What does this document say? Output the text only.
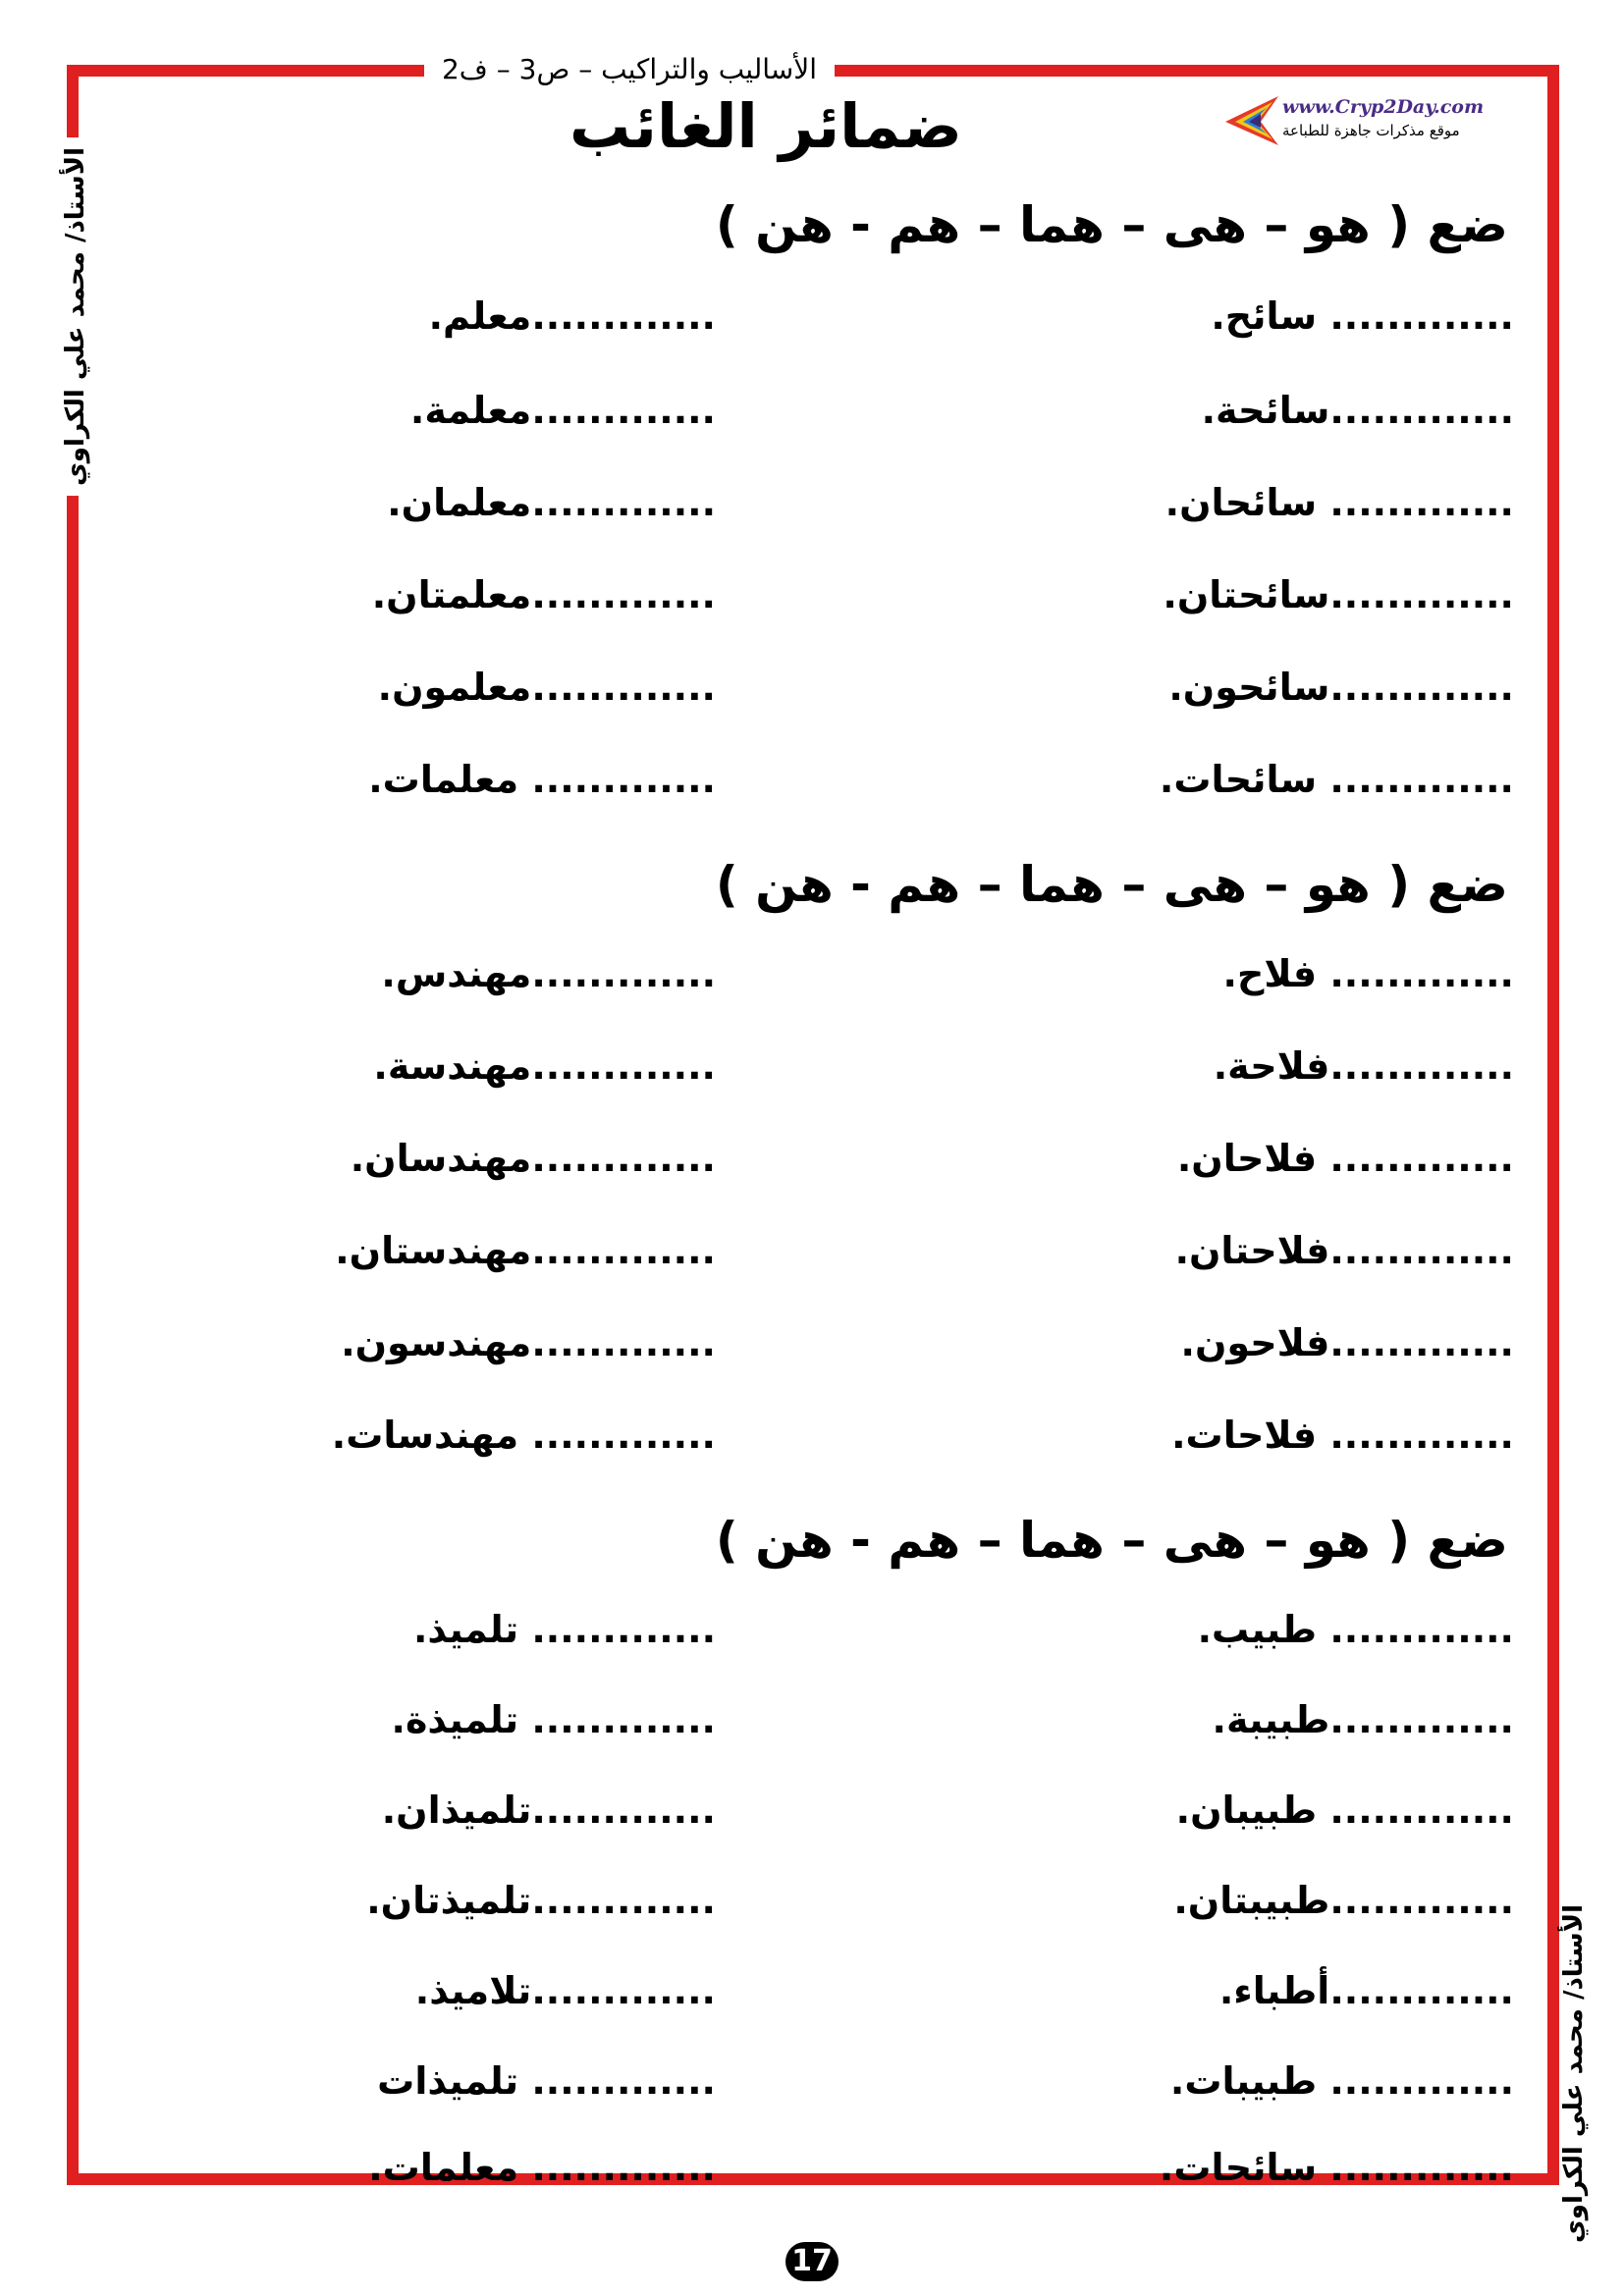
الأساليب والتراكيب – ص3 – ف2
www.Cryp2Day.com
موقع مذكرات جاهزة للطباعة
ضمائر الغائب
الأستاذ/ محمد علي الكراوي
الأستاذ/ محمد علي الكراوي
ضع ( هو – هى – هما – هم - هن )
............. سائح.
.............معلم.
.............سائحة.
.............معلمة.
............. سائحان.
.............معلمان.
.............سائحتان.
.............معلمتان.
.............سائحون.
.............معلمون.
............. سائحات.
............. معلمات.
ضع ( هو – هى – هما – هم - هن )
............. فلاح.
.............مهندس.
.............فلاحة.
.............مهندسة.
............. فلاحان.
.............مهندسان.
.............فلاحتان.
.............مهندستان.
.............فلاحون.
.............مهندسون.
............. فلاحات.
............. مهندسات.
ضع ( هو – هى – هما – هم - هن )
............. طبيب.
............. تلميذ.
.............طبيبة.
............. تلميذة.
............. طبيبان.
.............تلميذان.
.............طبيبتان.
.............تلميذتان.
.............أطباء.
.............تلاميذ.
............. طبيبات.
............. تلميذات
............. سائحات.
............. معلمات.
17
